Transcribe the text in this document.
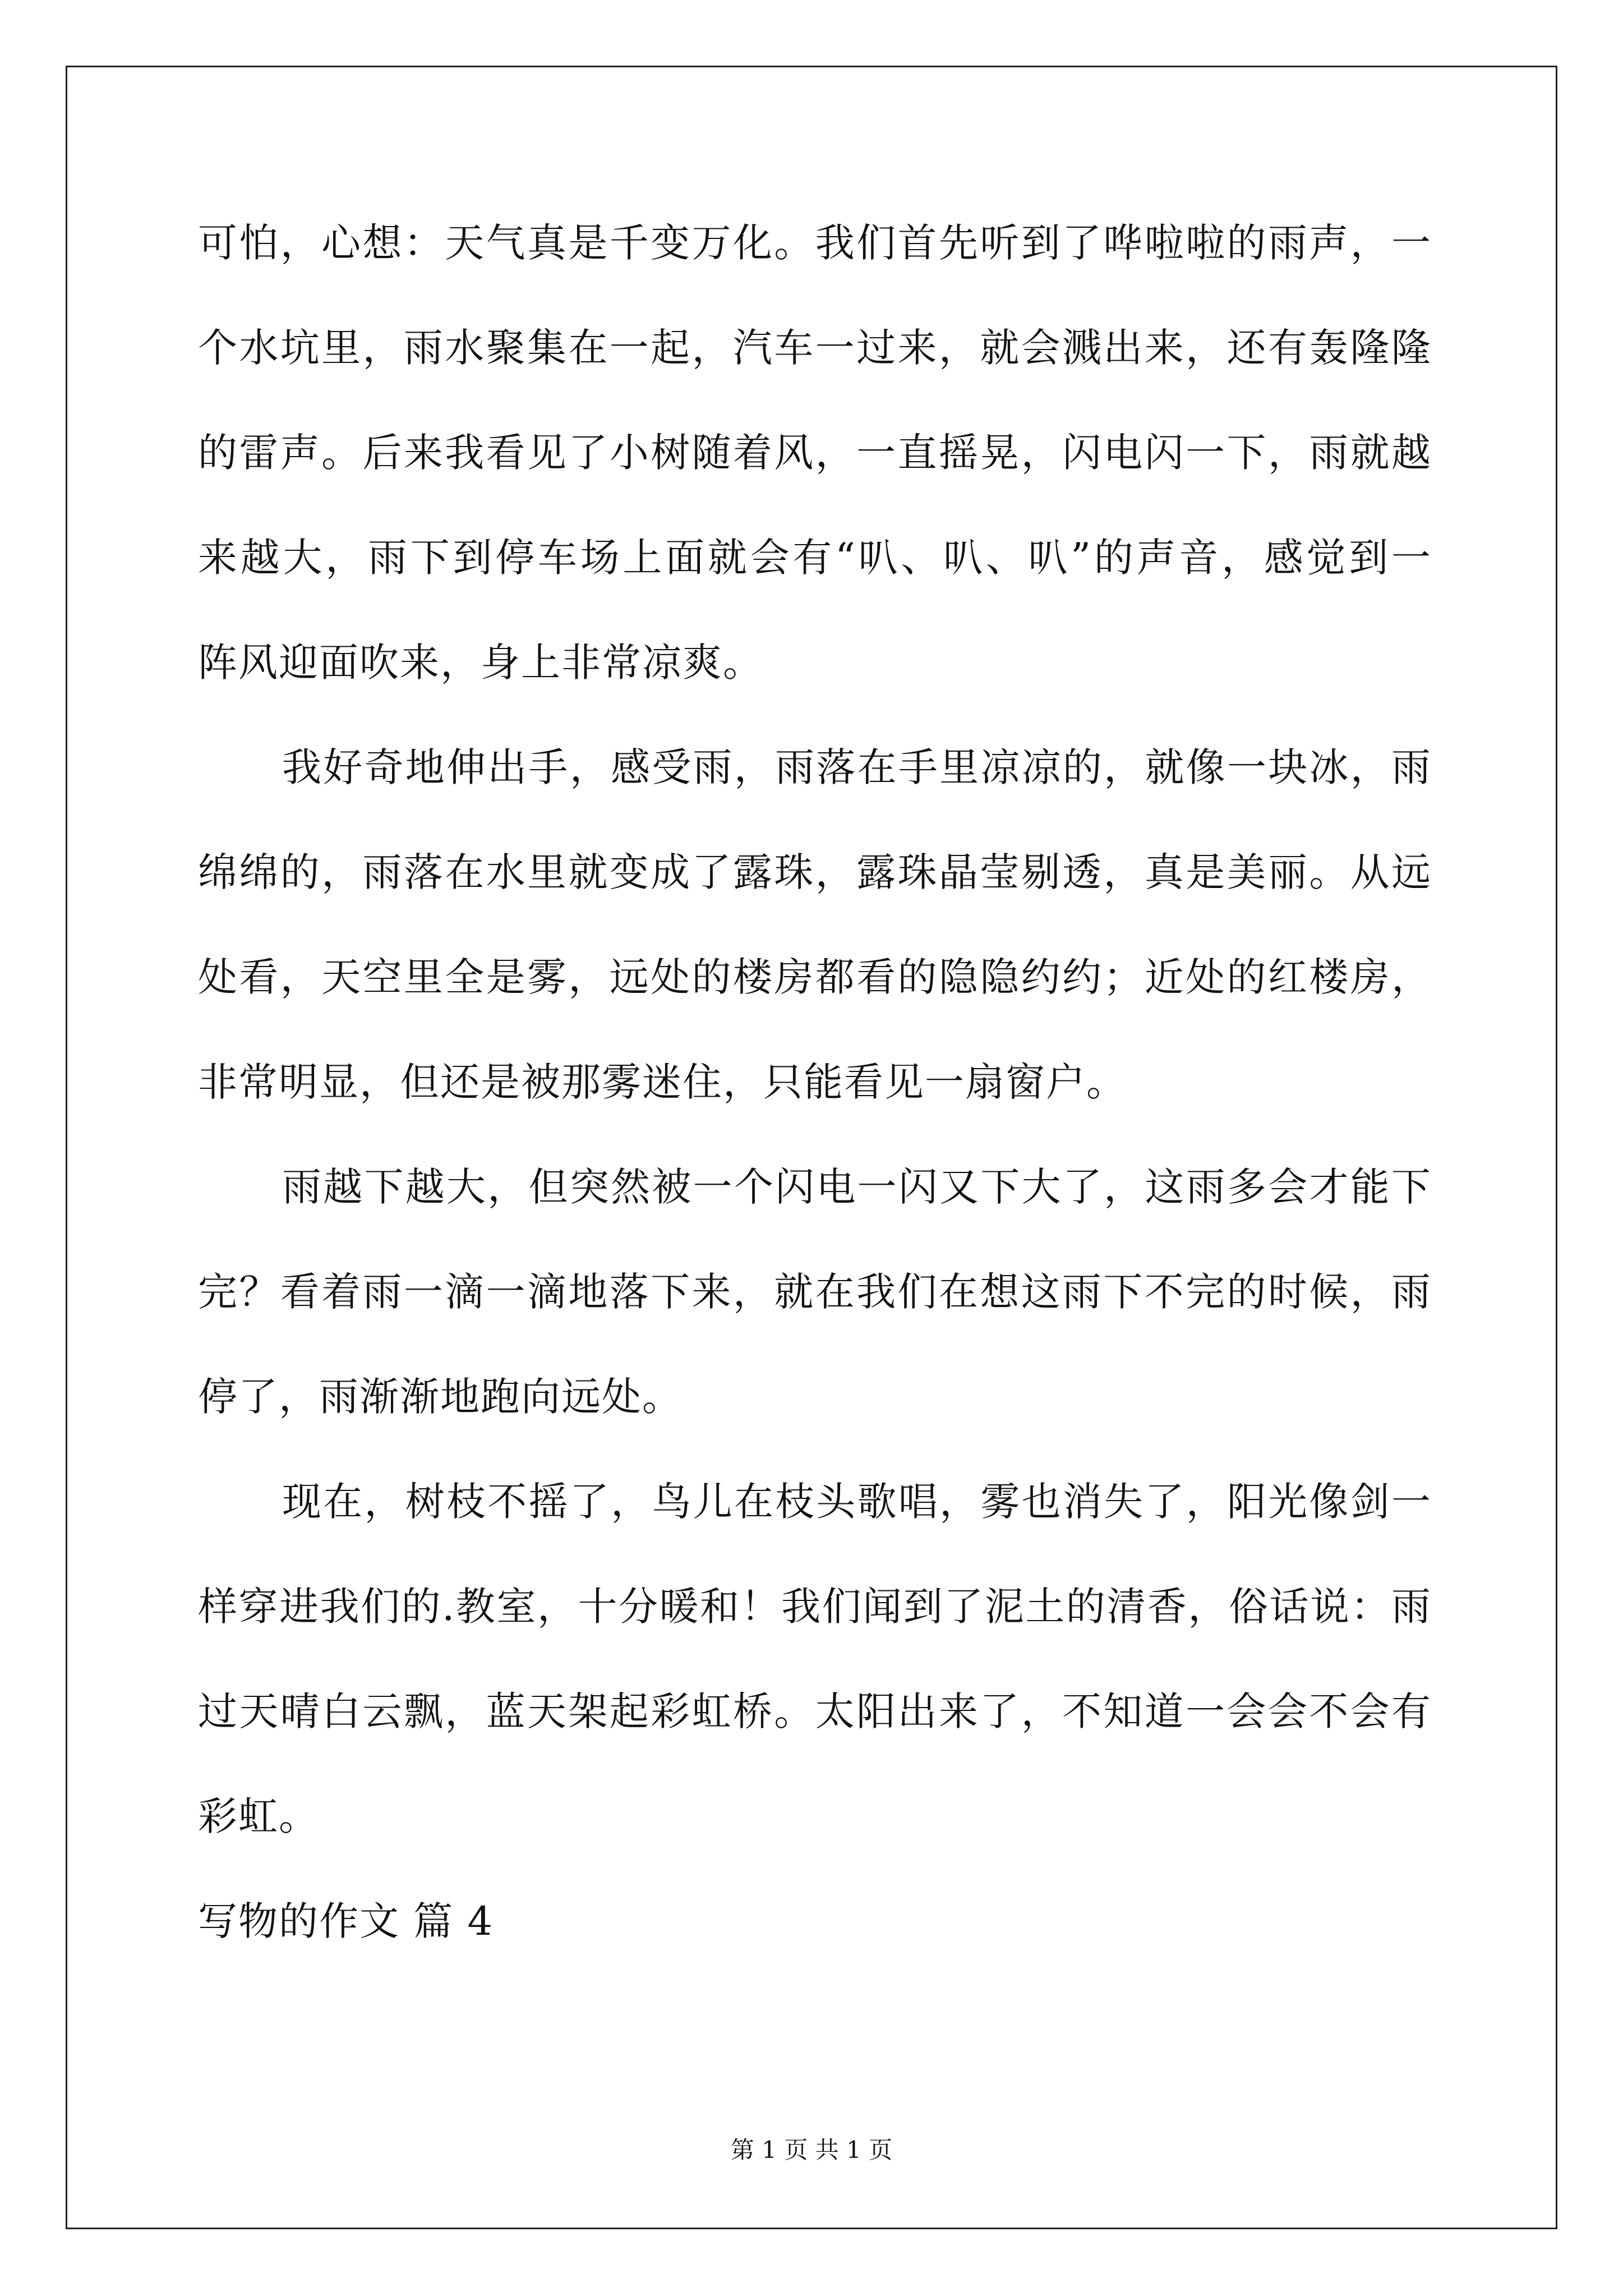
可怕，心想：天气真是千变万化。我们首先听到了哗啦啦的雨声，一
个水坑里，雨水聚集在一起，汽车一过来，就会溅出来，还有轰隆隆
的雷声。后来我看见了小树随着风，一直摇晃，闪电闪一下，雨就越
来越大，雨下到停车场上面就会有“叭、叭、叭”的声音，感觉到一
阵风迎面吹来，身上非常凉爽。
我好奇地伸出手，感受雨，雨落在手里凉凉的，就像一块冰，雨
绵绵的，雨落在水里就变成了露珠，露珠晶莹剔透，真是美丽。从远
处看，天空里全是雾，远处的楼房都看的隐隐约约；近处的红楼房，
非常明显，但还是被那雾迷住，只能看见一扇窗户。
雨越下越大，但突然被一个闪电一闪又下大了，这雨多会才能下
完？看着雨一滴一滴地落下来，就在我们在想这雨下不完的时候，雨
停了，雨渐渐地跑向远处。
现在，树枝不摇了，鸟儿在枝头歌唱，雾也消失了，阳光像剑一
样穿进我们的.教室，十分暖和！我们闻到了泥土的清香，俗话说：雨
过天晴白云飘，蓝天架起彩虹桥。太阳出来了，不知道一会会不会有
彩虹。

写物的作文 篇 4

第 1 页 共 1 页
